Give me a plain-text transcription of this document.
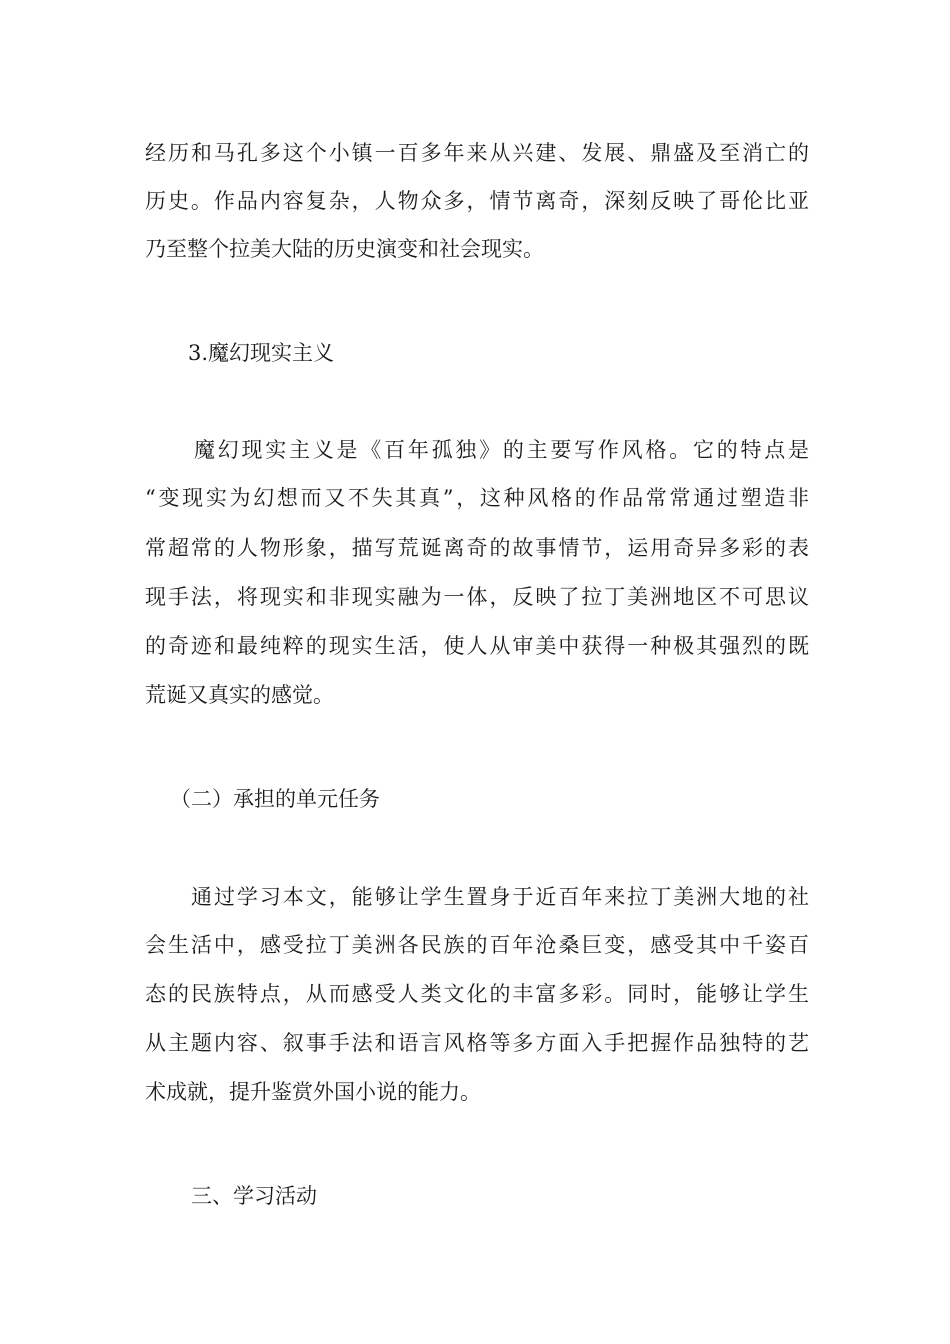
经历和马孔多这个小镇一百多年来从兴建、发展、鼎盛及至消亡的
历史。作品内容复杂，人物众多，情节离奇，深刻反映了哥伦比亚
乃至整个拉美大陆的历史演变和社会现实。
3.魔幻现实主义
魔幻现实主义是《百年孤独》的主要写作风格。它的特点是
“变现实为幻想而又不失其真”，这种风格的作品常常通过塑造非
常超常的人物形象，描写荒诞离奇的故事情节，运用奇异多彩的表
现手法，将现实和非现实融为一体，反映了拉丁美洲地区不可思议
的奇迹和最纯粹的现实生活，使人从审美中获得一种极其强烈的既
荒诞又真实的感觉。
（二）承担的单元任务
通过学习本文，能够让学生置身于近百年来拉丁美洲大地的社
会生活中，感受拉丁美洲各民族的百年沧桑巨变，感受其中千姿百
态的民族特点，从而感受人类文化的丰富多彩。同时，能够让学生
从主题内容、叙事手法和语言风格等多方面入手把握作品独特的艺
术成就，提升鉴赏外国小说的能力。
三、学习活动
